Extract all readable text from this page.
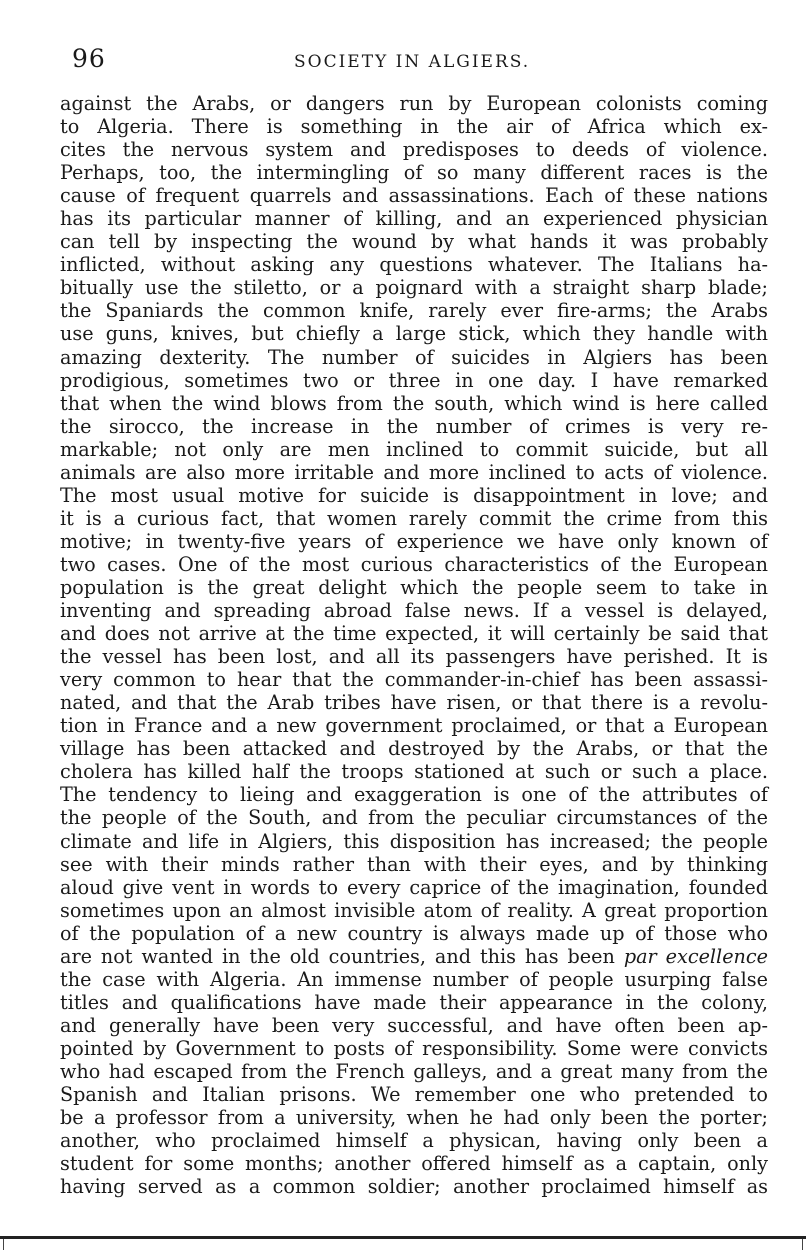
96	SOCIETY IN ALGIERS.
against the Arabs, or dangers run by European colonists coming
to Algeria. There is something in the air of Africa which ex-
cites the nervous system and predisposes to deeds of violence.
Perhaps, too, the intermingling of so many different races is the
cause of frequent quarrels and assassinations. Each of these nations
has its particular manner of killing, and an experienced physician
can tell by inspecting the wound by what hands it was probably
inflicted, without asking any questions whatever. The Italians ha-
bitually use the stiletto, or a poignard with a straight sharp blade;
the Spaniards the common knife, rarely ever fire-arms; the Arabs
use guns, knives, but chiefly a large stick, which they handle with
amazing dexterity. The number of suicides in Algiers has been
prodigious, sometimes two or three in one day. I have remarked
that when the wind blows from the south, which wind is here called
the sirocco, the increase in the number of crimes is very re-
markable; not only are men inclined to commit suicide, but all
animals are also more irritable and more inclined to acts of violence.
The most usual motive for suicide is disappointment in love; and
it is a curious fact, that women rarely commit the crime from this
motive; in twenty-five years of experience we have only known of
two cases. One of the most curious characteristics of the European
population is the great delight which the people seem to take in
inventing and spreading abroad false news. If a vessel is delayed,
and does not arrive at the time expected, it will certainly be said that
the vessel has been lost, and all its passengers have perished. It is
very common to hear that the commander-in-chief has been assassi-
nated, and that the Arab tribes have risen, or that there is a revolu-
tion in France and a new government proclaimed, or that a European
village has been attacked and destroyed by the Arabs, or that the
cholera has killed half the troops stationed at such or such a place.
The tendency to lieing and exaggeration is one of the attributes of
the people of the South, and from the peculiar circumstances of the
climate and life in Algiers, this disposition has increased; the people
see with their minds rather than with their eyes, and by thinking
aloud give vent in words to every caprice of the imagination, founded
sometimes upon an almost invisible atom of reality. A great proportion
of the population of a new country is always made up of those who
are not wanted in the old countries, and this has been par excellence
the case with Algeria. An immense number of people usurping false
titles and qualifications have made their appearance in the colony,
and generally have been very successful, and have often been ap-
pointed by Government to posts of responsibility. Some were convicts
who had escaped from the French galleys, and a great many from the
Spanish and Italian prisons. We remember one who pretended to
be a professor from a university, when he had only been the porter;
another, who proclaimed himself a physican, having only been a
student for some months; another offered himself as a captain, only
having served as a common soldier; another proclaimed himself as
